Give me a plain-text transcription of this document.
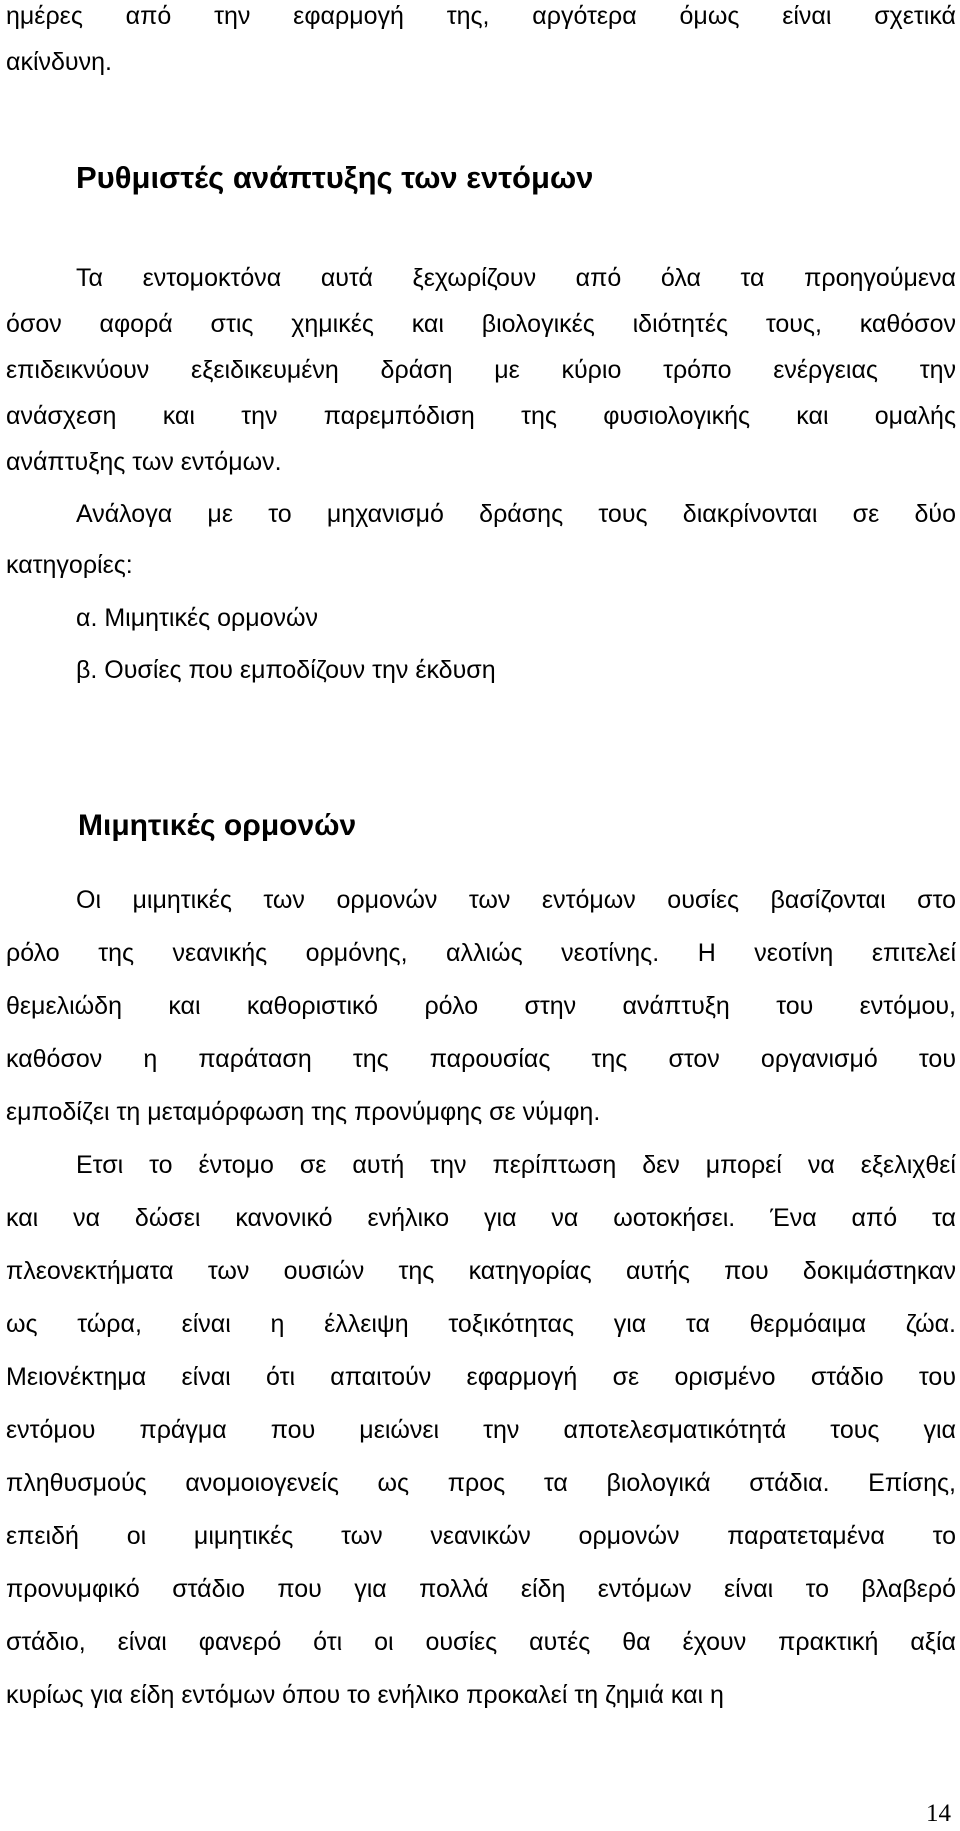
ημέρες από την εφαρμογή της, αργότερα όμως είναι σχετικά
ακίνδυνη.
Ρυθμιστές ανάπτυξης των εντόμων
Τα εντομοκτόνα αυτά ξεχωρίζουν από όλα τα προηγούμενα
όσον αφορά στις χημικές και βιολογικές ιδιότητές τους, καθόσον
επιδεικνύουν εξειδικευμένη δράση με κύριο τρόπο ενέργειας την
ανάσχεση και την παρεμπόδιση της φυσιολογικής και ομαλής
ανάπτυξης των εντόμων.
Ανάλογα με το μηχανισμό δράσης τους διακρίνονται σε δύο
κατηγορίες:
α. Μιμητικές ορμονών
β. Ουσίες που εμποδίζουν την έκδυση
Μιμητικές ορμονών
Οι μιμητικές των ορμονών των εντόμων ουσίες βασίζονται στο
ρόλο της νεανικής ορμόνης, αλλιώς νεοτίνης. Η νεοτίνη επιτελεί
θεμελιώδη και καθοριστικό ρόλο στην ανάπτυξη του εντόμου,
καθόσον η παράταση της παρουσίας της στον οργανισμό του
εμποδίζει τη μεταμόρφωση της προνύμφης σε νύμφη.
Ετσι το έντομο σε αυτή την περίπτωση δεν μπορεί να εξελιχθεί
και να δώσει κανονικό ενήλικο για να ωοτοκήσει. Ένα από τα
πλεονεκτήματα των ουσιών της κατηγορίας αυτής που δοκιμάστηκαν
ως τώρα, είναι η έλλειψη τοξικότητας για τα θερμόαιμα ζώα.
Μειονέκτημα είναι ότι απαιτούν εφαρμογή σε ορισμένο στάδιο του
εντόμου πράγμα που μειώνει την αποτελεσματικότητά τους για
πληθυσμούς ανομοιογενείς ως προς τα βιολογικά στάδια. Επίσης,
επειδή οι μιμητικές των νεανικών ορμονών παρατεταμένα το
προνυμφικό στάδιο που για πολλά είδη εντόμων είναι το βλαβερό
στάδιο, είναι φανερό ότι οι ουσίες αυτές θα έχουν πρακτική αξία
κυρίως για είδη εντόμων όπου το ενήλικο προκαλεί τη ζημιά και η
14
